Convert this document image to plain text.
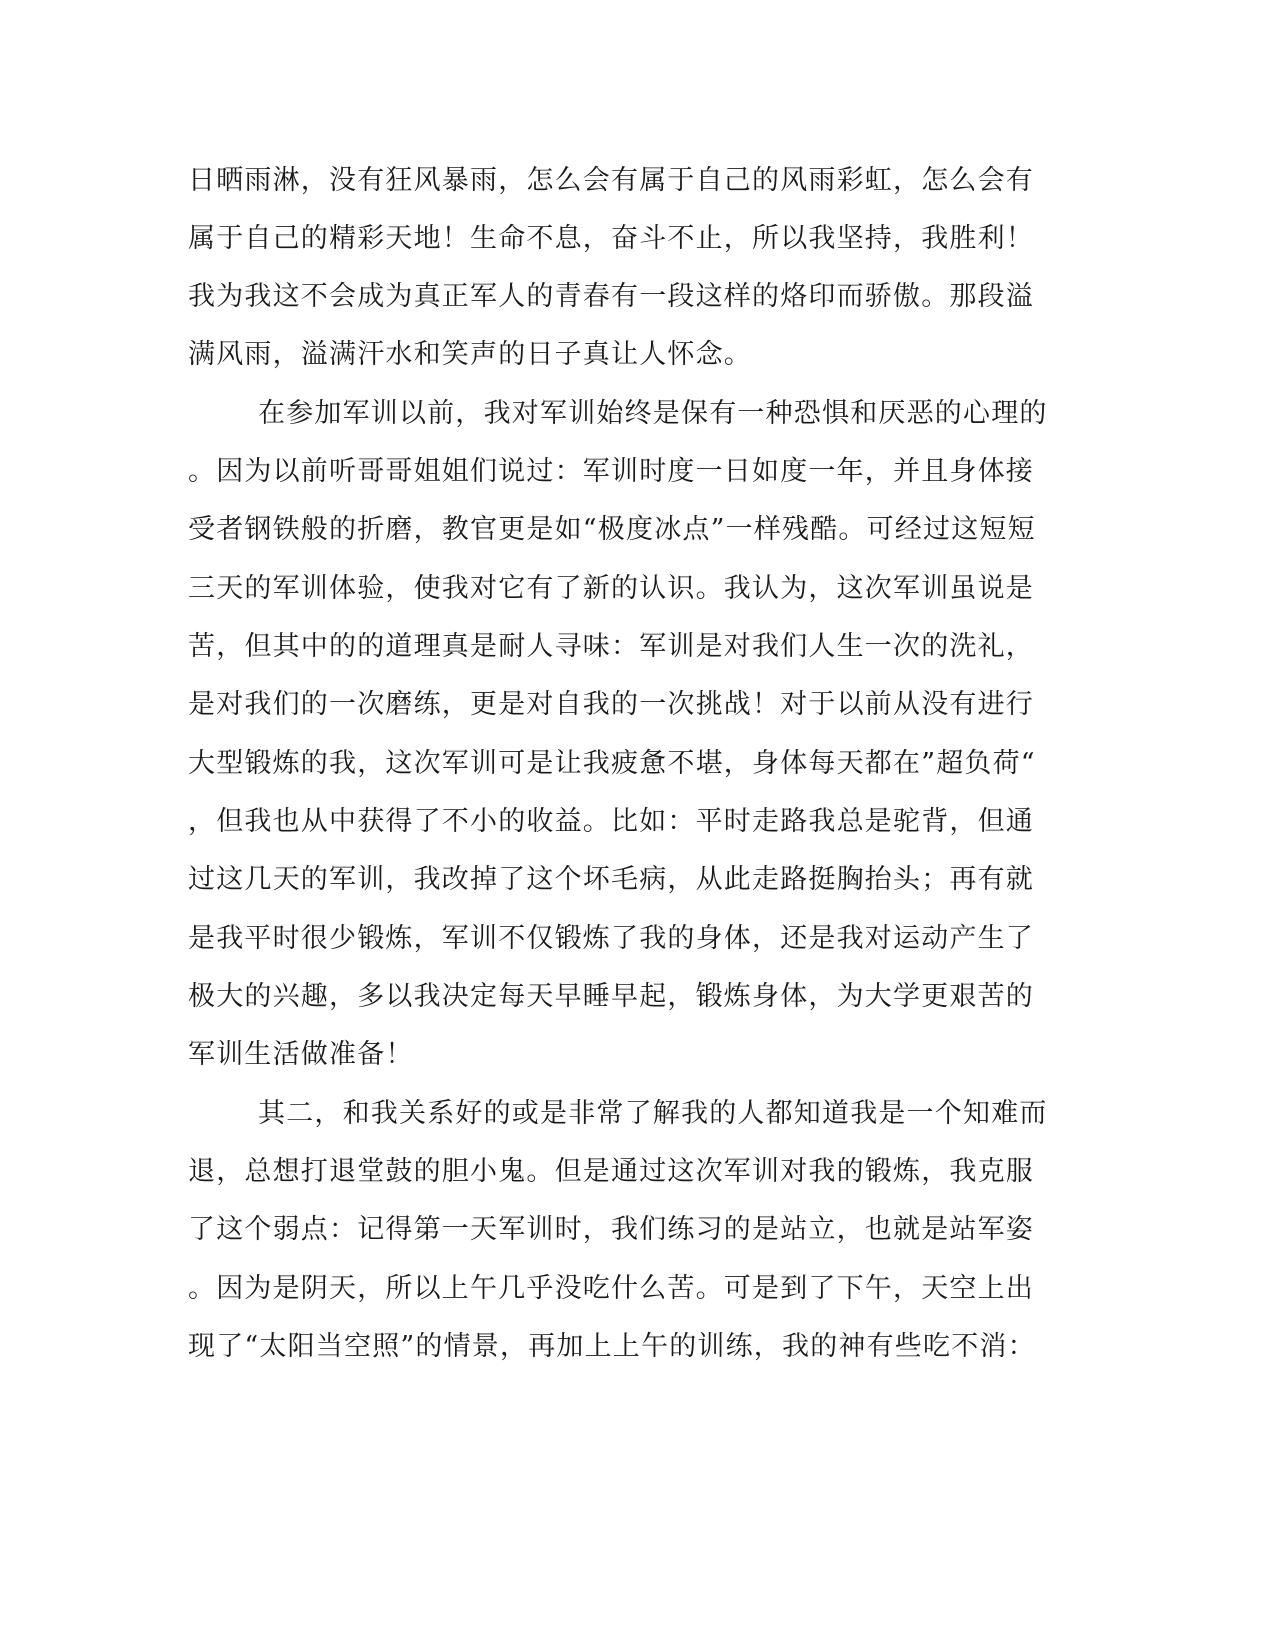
日晒雨淋，没有狂风暴雨，怎么会有属于自己的风雨彩虹，怎么会有
属于自己的精彩天地！生命不息，奋斗不止，所以我坚持，我胜利！
我为我这不会成为真正军人的青春有一段这样的烙印而骄傲。那段溢
满风雨，溢满汗水和笑声的日子真让人怀念。
在参加军训以前，我对军训始终是保有一种恐惧和厌恶的心理的
。因为以前听哥哥姐姐们说过：军训时度一日如度一年，并且身体接
受者钢铁般的折磨，教官更是如“极度冰点”一样残酷。可经过这短短
三天的军训体验，使我对它有了新的认识。我认为，这次军训虽说是
苦，但其中的的道理真是耐人寻味：军训是对我们人生一次的洗礼，
是对我们的一次磨练，更是对自我的一次挑战！对于以前从没有进行
大型锻炼的我，这次军训可是让我疲惫不堪，身体每天都在”超负荷“
，但我也从中获得了不小的收益。比如：平时走路我总是驼背，但通
过这几天的军训，我改掉了这个坏毛病，从此走路挺胸抬头；再有就
是我平时很少锻炼，军训不仅锻炼了我的身体，还是我对运动产生了
极大的兴趣，多以我决定每天早睡早起，锻炼身体，为大学更艰苦的
军训生活做准备！
其二，和我关系好的或是非常了解我的人都知道我是一个知难而
退，总想打退堂鼓的胆小鬼。但是通过这次军训对我的锻炼，我克服
了这个弱点：记得第一天军训时，我们练习的是站立，也就是站军姿
。因为是阴天，所以上午几乎没吃什么苦。可是到了下午，天空上出
现了“太阳当空照”的情景，再加上上午的训练，我的神有些吃不消：
